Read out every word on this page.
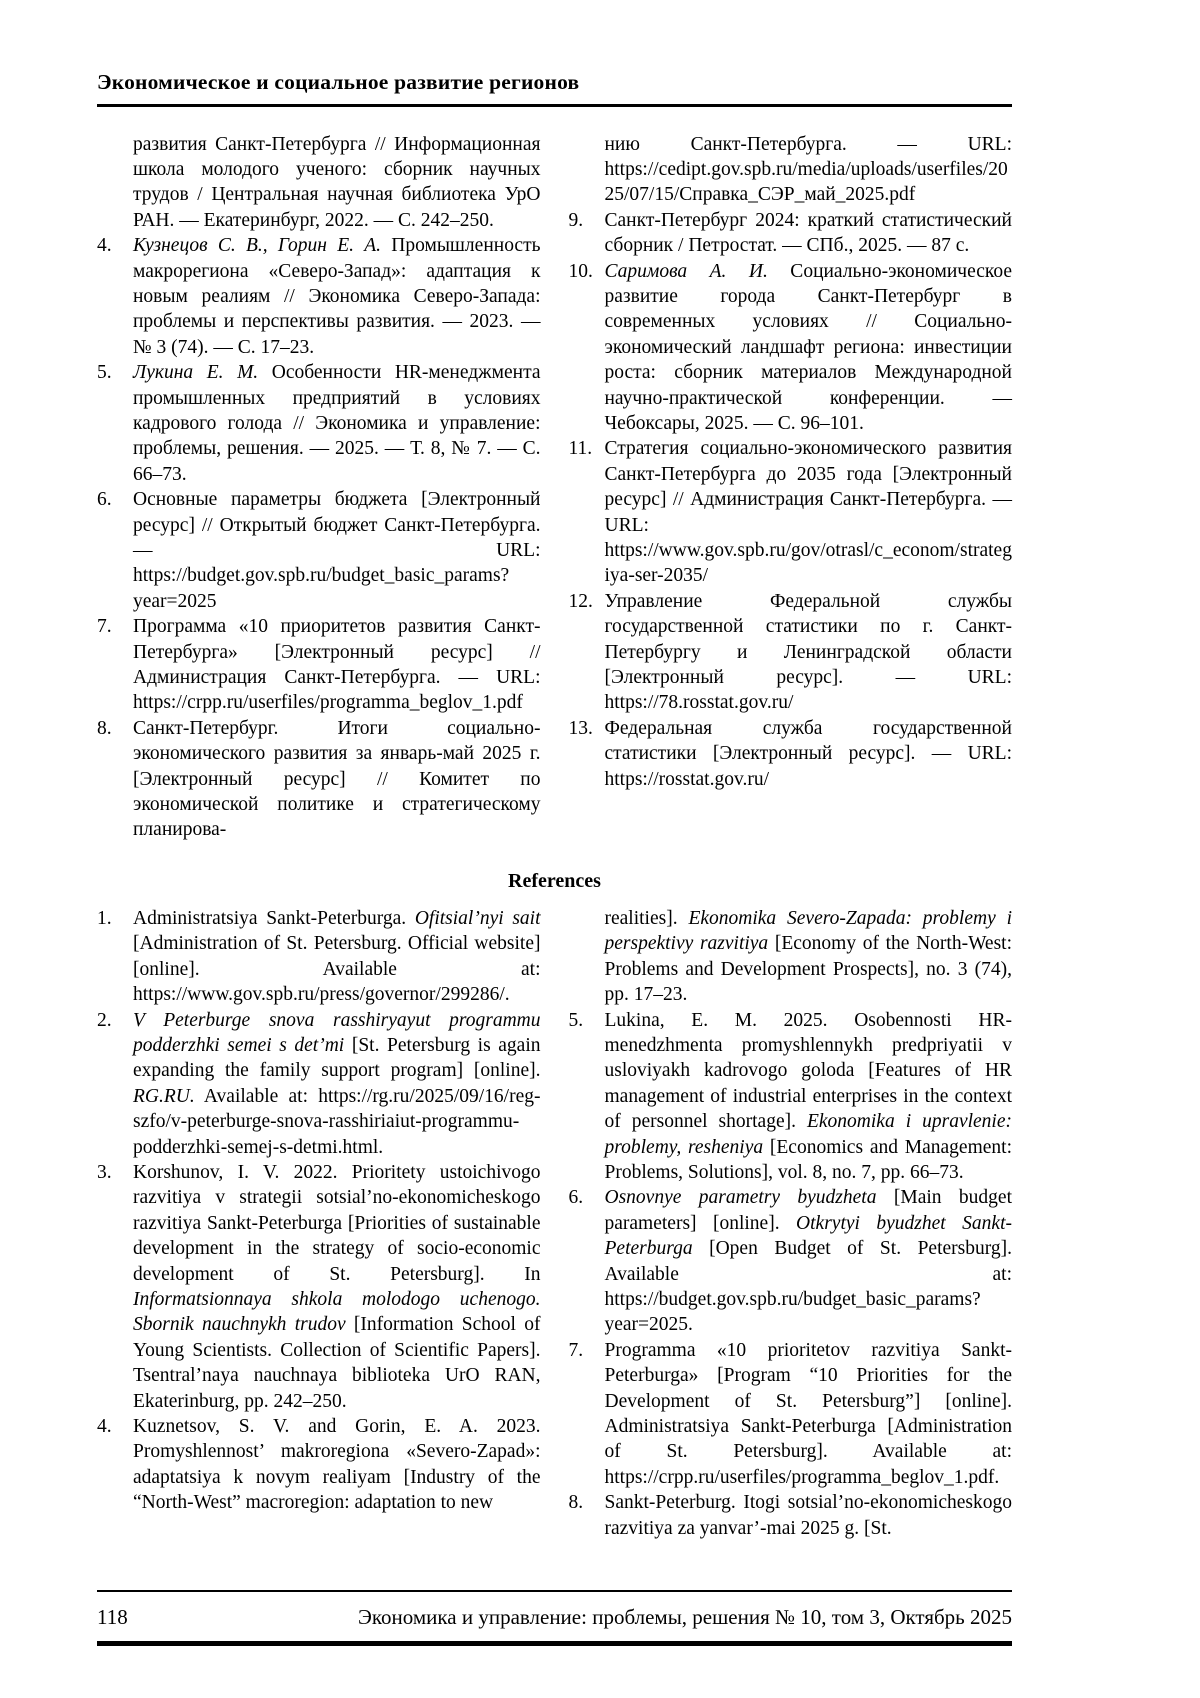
Экономическое и социальное развитие регионов
развития Санкт-Петербурга // Информационная школа молодого ученого: сборник научных трудов / Центральная научная библиотека УрО РАН. — Екатеринбург, 2022. — С. 242–250.
4.	Кузнецов С. В., Горин Е. А. Промышленность макрорегиона «Северо-Запад»: адаптация к новым реалиям // Экономика Северо-Запада: проблемы и перспективы развития. — 2023. — № 3 (74). — С. 17–23.
5.	Лукина Е. М. Особенности HR-менеджмента промышленных предприятий в условиях кадрового голода // Экономика и управление: проблемы, решения. — 2025. — Т. 8, № 7. — С. 66–73.
6.	Основные параметры бюджета [Электронный ресурс] // Открытый бюджет Санкт-Петербурга. — URL: https://budget.gov.spb.ru/budget_basic_params?year=2025
7.	Программа «10 приоритетов развития Санкт-Петербурга» [Электронный ресурс] // Администрация Санкт-Петербурга. — URL: https://crpp.ru/userfiles/programma_beglov_1.pdf
8.	Санкт-Петербург. Итоги социально-экономического развития за январь-май 2025 г. [Электронный ресурс] // Комитет по экономической политике и стратегическому планирова-
нию Санкт-Петербурга. — URL: https://cedipt.gov.spb.ru/media/uploads/userfiles/2025/07/15/Справка_СЭР_май_2025.pdf
9.	Санкт-Петербург 2024: краткий статистический сборник / Петростат. — СПб., 2025. — 87 с.
10. Саримова А. И. Социально-экономическое развитие города Санкт-Петербург в современных условиях // Социально-экономический ландшафт региона: инвестиции роста: сборник материалов Международной научно-практической конференции. — Чебоксары, 2025. — С. 96–101.
11. Стратегия социально-экономического развития Санкт-Петербурга до 2035 года [Электронный ресурс] // Администрация Санкт-Петербурга. — URL: https://www.gov.spb.ru/gov/otrasl/c_econom/strategiya-ser-2035/
12. Управление Федеральной службы государственной статистики по г. Санкт-Петербургу и Ленинградской области [Электронный ресурс]. — URL: https://78.rosstat.gov.ru/
13. Федеральная служба государственной статистики [Электронный ресурс]. — URL: https://rosstat.gov.ru/
References
1.	Administratsiya Sankt-Peterburga. Ofitsial’nyi sait [Administration of St. Petersburg. Official website] [online]. Available at: https://www.gov.spb.ru/press/governor/299286/.
2.	V Peterburge snova rasshiryayut programmu podderzhki semei s det’mi [St. Petersburg is again expanding the family support program] [online]. RG.RU. Available at: https://rg.ru/2025/09/16/reg-szfo/v-peterburge-snova-rasshiriaiut-programmu-podderzhki-semej-s-detmi.html.
3.	Korshunov, I. V. 2022. Prioritety ustoichivogo razvitiya v strategii sotsial’no-ekonomicheskogo razvitiya Sankt-Peterburga [Priorities of sustainable development in the strategy of socio-economic development of St. Petersburg]. In Informatsionnaya shkola molodogo uchenogo. Sbornik nauchnykh trudov [Information School of Young Scientists. Collection of Scientific Papers]. Tsentral’naya nauchnaya biblioteka UrO RAN, Ekaterinburg, pp. 242–250.
4.	Kuznetsov, S. V. and Gorin, E. A. 2023. Promyshlennost’ makroregiona «Severo-Zapad»: adaptatsiya k novym realiyam [Industry of the “North-West” macroregion: adaptation to new
realities]. Ekonomika Severo-Zapada: problemy i perspektivy razvitiya [Economy of the North-West: Problems and Development Prospects], no. 3 (74), pp. 17–23.
5.	Lukina, E. M. 2025. Osobennosti HR-menedzhmenta promyshlennykh predpriyatii v usloviyakh kadrovogo goloda [Features of HR management of industrial enterprises in the context of personnel shortage]. Ekonomika i upravlenie: problemy, resheniya [Economics and Management: Problems, Solutions], vol. 8, no. 7, pp. 66–73.
6.	Osnovnye parametry byudzheta [Main budget parameters] [online]. Otkrytyi byudzhet Sankt-Peterburga [Open Budget of St. Petersburg]. Available at: https://budget.gov.spb.ru/budget_basic_params?year=2025.
7.	Programma «10 prioritetov razvitiya Sankt-Peterburga» [Program “10 Priorities for the Development of St. Petersburg”] [online]. Administratsiya Sankt-Peterburga [Administration of St. Petersburg]. Available at: https://crpp.ru/userfiles/programma_beglov_1.pdf.
8.	Sankt-Peterburg. Itogi sotsial’no-ekonomicheskogo razvitiya za yanvar’-mai 2025 g. [St.
118	Экономика и управление: проблемы, решения № 10, том 3, Октябрь 2025
